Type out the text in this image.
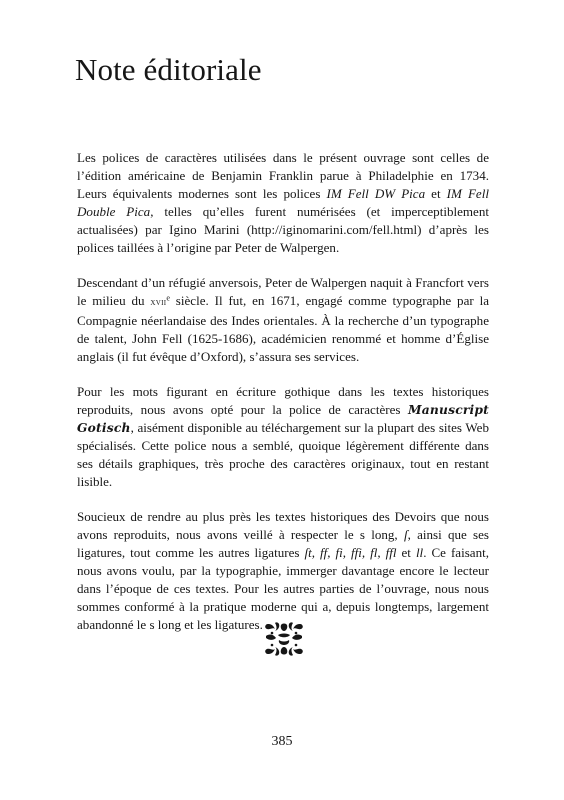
Note éditoriale

Les polices de caractères utilisées dans le présent ouvrage sont celles de l’édition américaine de Benjamin Franklin parue à Philadelphie en 1734. Leurs équivalents modernes sont les polices IM Fell DW Pica et IM Fell Double Pica, telles qu’elles furent numérisées (et imperceptiblement actualisées) par Igino Marini (http://iginomarini.com/fell.html) d’après les polices taillées à l’origine par Peter de Walpergen.

Descendant d’un réfugié anversois, Peter de Walpergen naquit à Francfort vers le milieu du xvii$^e$ siècle. Il fut, en 1671, engagé comme typographe par la Compagnie néerlandaise des Indes orientales. À la recherche d’un typographe de talent, John Fell (1625-1686), académicien renommé et homme d’Église anglais (il fut évêque d’Oxford), s’assura ses services.

Pour les mots figurant en écriture gothique dans les textes historiques reproduits, nous avons opté pour la police de caractères Manuscript Gotisch, aisément disponible au téléchargement sur la plupart des sites Web spécialisés. Cette police nous a semblé, quoique légèrement différente dans ses détails graphiques, très proche des caractères originaux, tout en restant lisible.

Soucieux de rendre au plus près les textes historiques des Devoirs que nous avons reproduits, nous avons veillé à respecter le s long, ſ, ainsi que ses ligatures, tout comme les autres ligatures ſt, ff, fi, ffi, fl, ffl et ll. Ce faisant, nous avons voulu, par la typographie, immerger davantage encore le lecteur dans l’époque de ces textes. Pour les autres parties de l’ouvrage, nous nous sommes conformé à la pratique moderne qui a, depuis longtemps, largement abandonné le s long et les ligatures.

385
